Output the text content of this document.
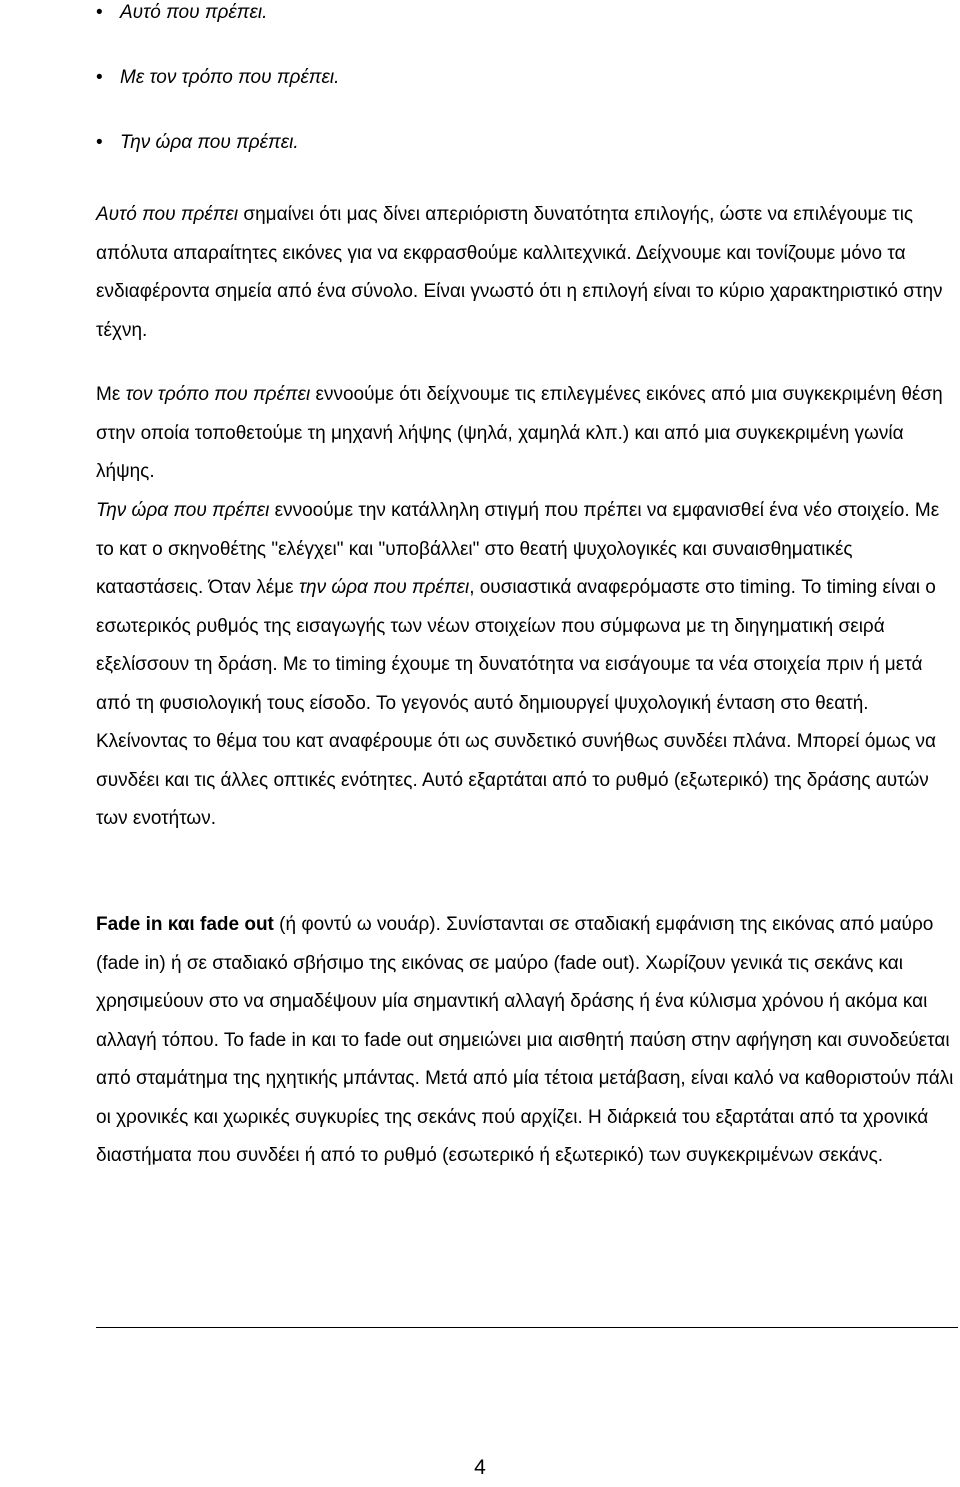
• Αυτό που πρέπει.
• Με τον τρόπο που πρέπει.
• Την ώρα που πρέπει.

Αυτό που πρέπει σημαίνει ότι μας δίνει απεριόριστη δυνατότητα επιλογής, ώστε να επιλέγουμε τις απόλυτα απαραίτητες εικόνες για να εκφρασθούμε καλλιτεχνικά. Δείχνουμε και τονίζουμε μόνο τα ενδιαφέροντα σημεία από ένα σύνολο. Είναι γνωστό ότι η επιλογή είναι το κύριο χαρακτηριστικό στην τέχνη.

Με τον τρόπο που πρέπει εννοούμε ότι δείχνουμε τις επιλεγμένες εικόνες από μια συγκεκριμένη θέση στην οποία τοποθετούμε τη μηχανή λήψης (ψηλά, χαμηλά κλπ.) και από μια συγκεκριμένη γωνία λήψης.

Την ώρα που πρέπει εννοούμε την κατάλληλη στιγμή που πρέπει να εμφανισθεί ένα νέο στοιχείο. Με το κατ ο σκηνοθέτης "ελέγχει" και "υποβάλλει" στο θεατή ψυχολογικές και συναισθηματικές καταστάσεις. Όταν λέμε την ώρα που πρέπει, ουσιαστικά αναφερόμαστε στο timing. Το timing είναι ο εσωτερικός ρυθμός της εισαγωγής των νέων στοιχείων που σύμφωνα με τη διηγηματική σειρά εξελίσσουν τη δράση. Με το timing έχουμε τη δυνατότητα να εισάγουμε τα νέα στοιχεία πριν ή μετά από τη φυσιολογική τους είσοδο. Το γεγονός αυτό δημιουργεί ψυχολογική ένταση στο θεατή. Κλείνοντας το θέμα του κατ αναφέρουμε ότι ως συνδετικό συνήθως συνδέει πλάνα. Μπορεί όμως να συνδέει και τις άλλες οπτικές ενότητες. Αυτό εξαρτάται από το ρυθμό (εξωτερικό) της δράσης αυτών των ενοτήτων.

Fade in και fade out (ή φοντύ ω νουάρ). Συνίστανται σε σταδιακή εμφάνιση της εικόνας από μαύρο (fade in) ή σε σταδιακό σβήσιμο της εικόνας σε μαύρο (fade out). Χωρίζουν γενικά τις σεκάνς και χρησιμεύουν στο να σημαδέψουν μία σημαντική αλλαγή δράσης ή ένα κύλισμα χρόνου ή ακόμα και αλλαγή τόπου. Το fade in και το fade out σημειώνει μια αισθητή παύση στην αφήγηση και συνοδεύεται από σταμάτημα της ηχητικής μπάντας. Μετά από μία τέτοια μετάβαση, είναι καλό να καθοριστούν πάλι οι χρονικές και χωρικές συγκυρίες της σεκάνς πού αρχίζει. Η διάρκειά του εξαρτάται από τα χρονικά διαστήματα που συνδέει ή από το ρυθμό (εσωτερικό ή εξωτερικό) των συγκεκριμένων σεκάνς.

4
